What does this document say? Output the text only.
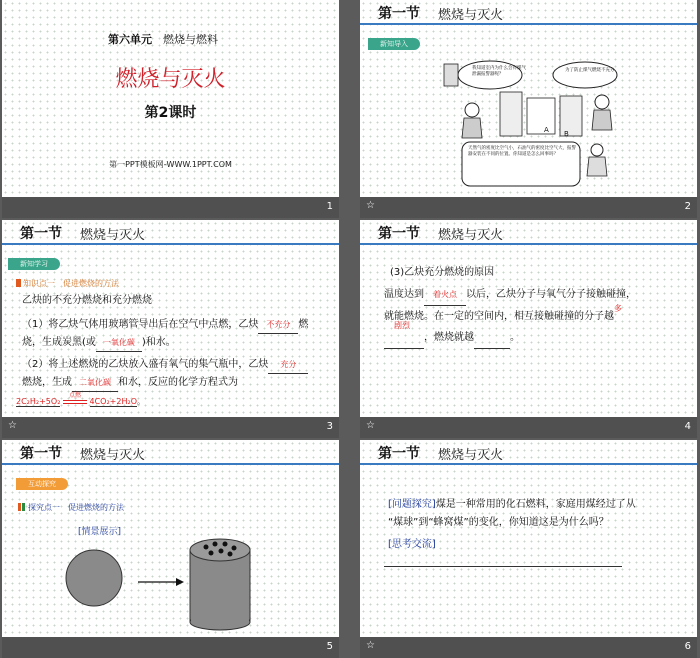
第六单元　 燃烧与燃料
燃烧与灭火
第2课时
第一PPT模板网-WWW.1PPT.COM
1
第一节 燃烧与灭火
新知导入
我知道室内为什么会有煤气泄漏报警器呢？
为了防止煤气燃烧不充分
天然气的密度比空气小，石油气的密度比空气大，报警器安装在不同的位置。你知道是怎么回事吗？
A B
☆	2
第一节 燃烧与灭火
新知学习
知识点一　促进燃烧的方法
乙炔的不充分燃烧和充分燃烧
（1）将乙炔气体用玻璃管导出后在空气中点燃，乙炔 不充分 燃
烧，生成炭黑(或 一氧化碳 )和水。
（2）将上述燃烧的乙炔放入盛有氧气的集气瓶中，乙炔 充分
燃烧，生成 二氧化碳 和水，反应的化学方程式为
2C₂H₂+5O₂
点燃
4CO₂+2H₂O。
☆	3
第一节 燃烧与灭火
(3)乙炔充分燃烧的原因
温度达到 着火点 以后，乙炔分子与氧气分子接触碰撞，
就能燃烧。在一定的空间内，相互接触碰撞的分子越$^多$

剧烈
，燃烧就越	。
☆	4
第一节 燃烧与灭火
互动探究
探究点一　促进燃烧的方法
[情景展示]
5
第一节 燃烧与灭火
[问题探究]煤是一种常用的化石燃料，家庭用煤经过了从
“煤球”到“蜂窝煤”的变化，你知道这是为什么吗？
[思考交流]
☆	6
